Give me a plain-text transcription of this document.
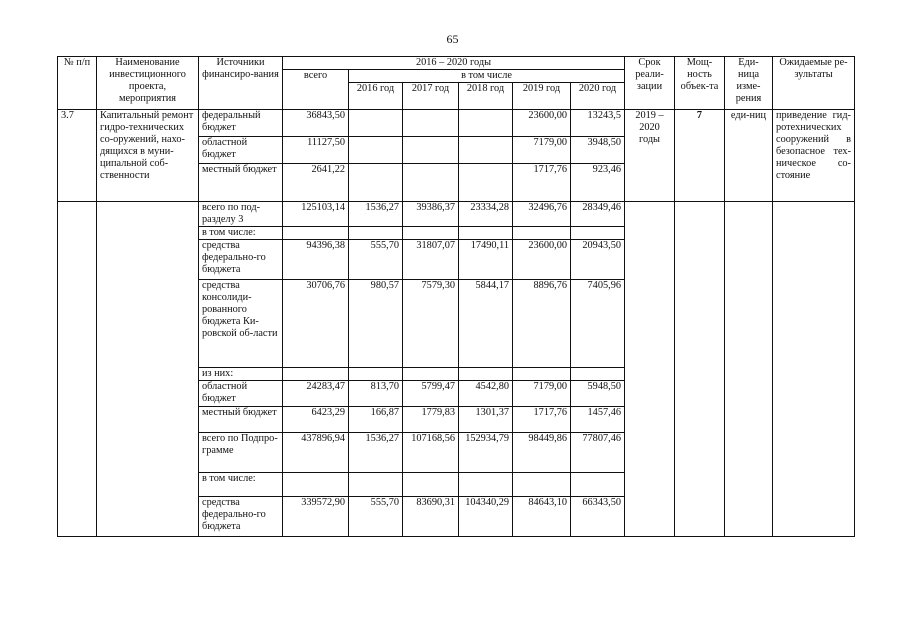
65
№ п/п	Наименование инвестиционного проекта, мероприятия	Источники финансиро-вания	2016 – 2020 годы						Срок реали-зации	Мощ-ность объек-та	Еди-ница изме-рения	Ожидаемые ре-зультаты
			всего	в том числе								
				2016 год	2017 год	2018 год	2019 год	2020 год				
3.7	Капитальный ремонт гидро-технических со-оружений, нахо-дящихся в муни-ципальной соб-ственности	федеральный бюджет	36843,50				23600,00	13243,5	2019 – 2020 годы	7	еди-ниц	приведение гид-ротехнических сооружений в безопасное тех-ническое со-стояние
		областной бюджет	11127,50				7179,00	3948,50				
		местный бюджет	2641,22				1717,76	923,46				
		всего по под-разделу 3	125103,14	1536,27	39386,37	23334,28	32496,76	28349,46				
		в том числе:										
		средства федерально-го бюджета	94396,38	555,70	31807,07	17490,11	23600,00	20943,50				
		средства консолиди-рованного бюджета Ки-ровской об-ласти	30706,76	980,57	7579,30	5844,17	8896,76	7405,96				
		из них:										
		областной бюджет	24283,47	813,70	5799,47	4542,80	7179,00	5948,50				
		местный бюджет	6423,29	166,87	1779,83	1301,37	1717,76	1457,46				
		всего по Подпро-грамме	437896,94	1536,27	107168,56	152934,79	98449,86	77807,46				
		в том числе:										
		средства федерально-го бюджета	339572,90	555,70	83690,31	104340,29	84643,10	66343,50				
